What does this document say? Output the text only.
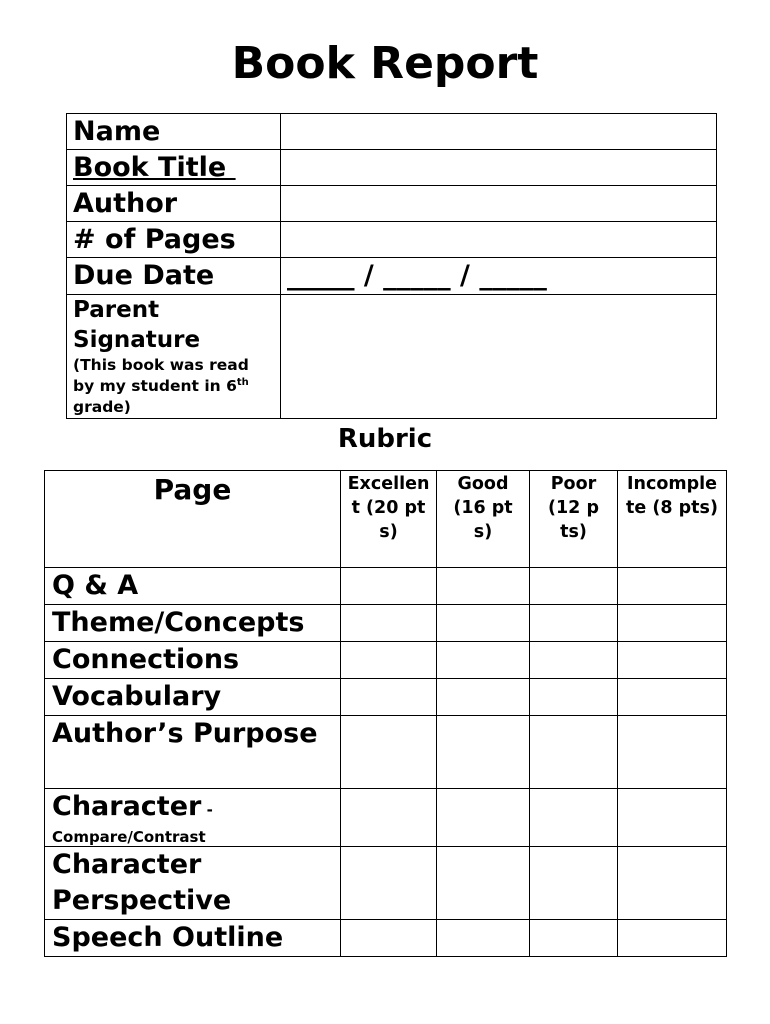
Book Report
Name	
Book Title	
Author	
# of Pages	
Due Date	_____ / _____ / _____

Parent Signature
(This book was read by my student in 6th grade)	

Rubric
Page	Excellent (20 pts)	Good (16 pts)	Poor (12 pts)	Incomplete (8 pts)
Q & A				
Theme/Concepts				
Connections				
Vocabulary				
Author’s Purpose				
Character -
Compare/Contrast				

Character Perspective				
Speech Outline				
